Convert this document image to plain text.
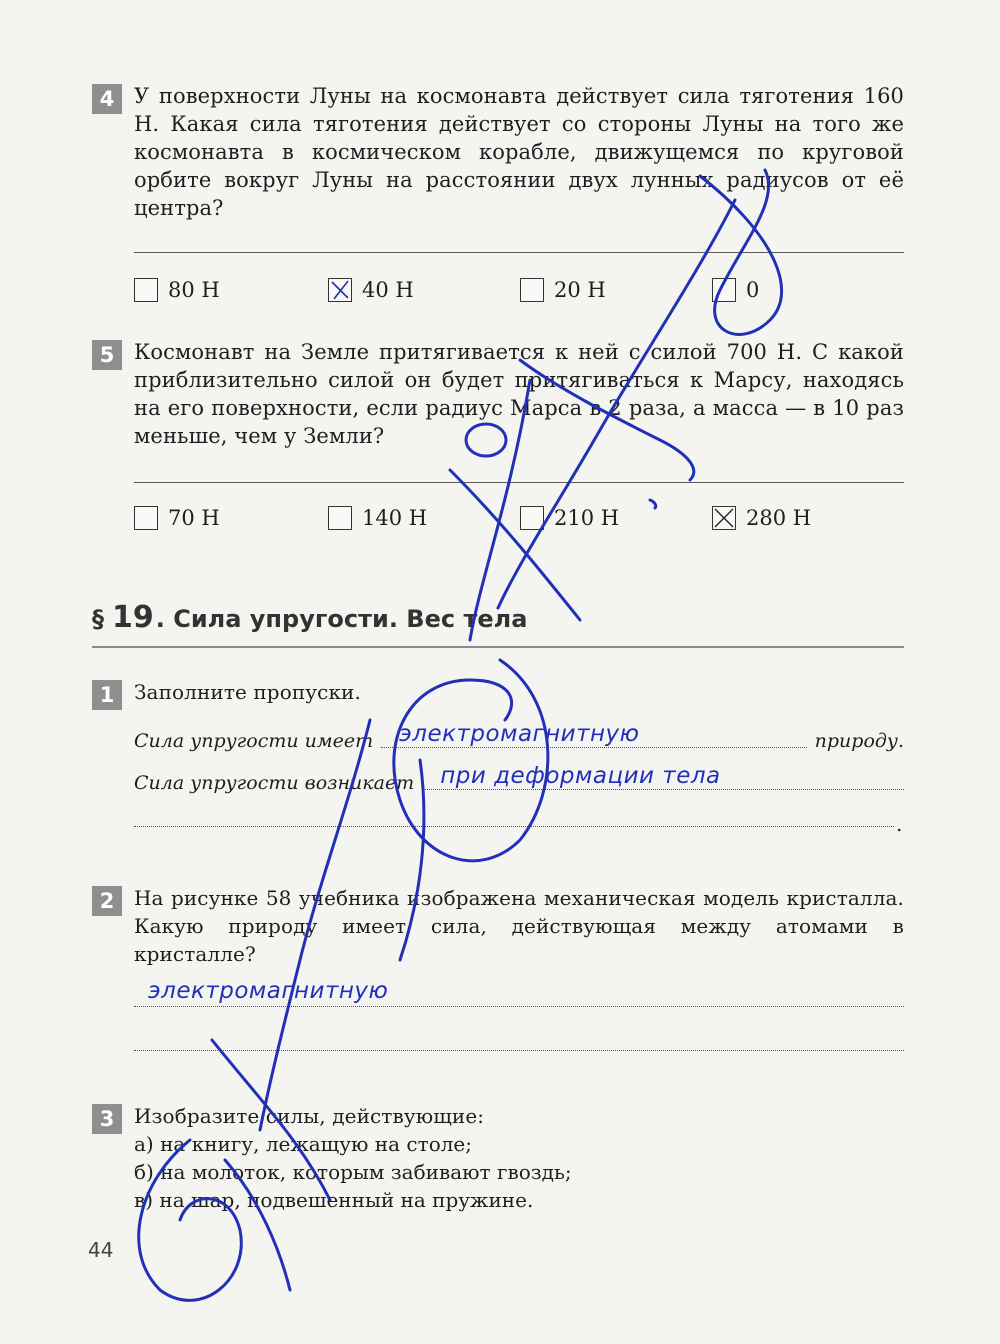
4 У поверхности Луны на космонавта действует сила тяготения 160 Н. Какая сила тяготения действует со стороны Луны на того же космонавта в космическом корабле, движущемся по круговой орбите вокруг Луны на расстоянии двух лунных радиусов от её центра?
80 Н	40 Н	20 Н	0
5 Космонавт на Земле притягивается к ней с силой 700 Н. С какой приблизительно силой он будет притягиваться к Марсу, находясь на его поверхности, если радиус Марса в 2 раза, а масса — в 10 раз меньше, чем у Земли?
70 Н	140 Н	210 Н	280 Н
§ 19 . Сила упругости. Вес тела
1 Заполните пропуски.
Сила упругости имеет электромагнитную	природу.
Сила упругости возникает при деформации тела
.
2 На рисунке 58 учебника изображена механическая модель кристалла. Какую природу имеет сила, действующая между атомами в кристалле?
электромагнитную
3 Изобразите силы, действующие:
а) на книгу, лежащую на столе;
б) на молоток, которым забивают гвоздь;
в) на шар, подвешенный на пружине.
44
